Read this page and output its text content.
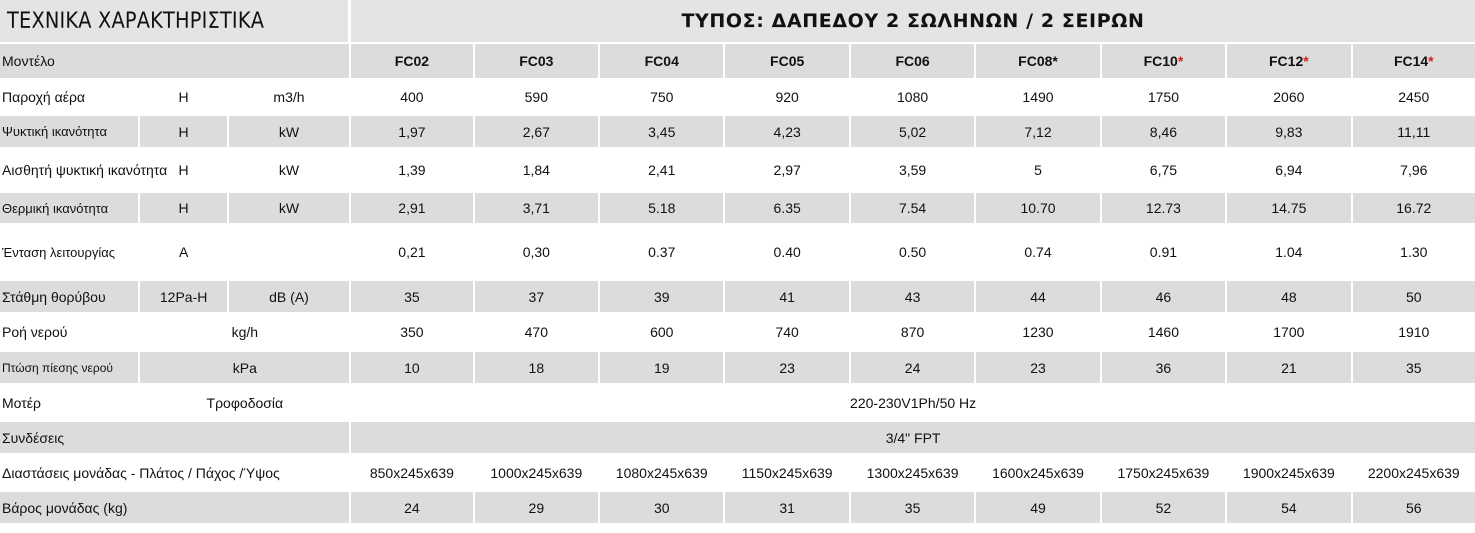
ΤΕΧΝΙΚΑ ΧΑΡΑΚΤΗΡΙΣΤΙΚΑ	ΤΥΠΟΣ: ΔΑΠΕΔΟΥ 2 ΣΩΛΗΝΩΝ / 2 ΣΕΙΡΩΝ
Μοντέλο			FC02	FC03	FC04	FC05	FC06	FC08*	FC10*	FC12*	FC14*
Παροχή αέρα	H	m3/h	400	590	750	920	1080	1490	1750	2060	2450
Ψυκτική ικανότητα	H	kW	1,97	2,67	3,45	4,23	5,02	7,12	8,46	9,83	11,11
Αισθητή ψυκτική ικανότητα	H	kW	1,39	1,84	2,41	2,97	3,59	5	6,75	6,94	7,96
Θερμική ικανότητα	H	kW	2,91	3,71	5.18	6.35	7.54	10.70	12.73	14.75	16.72
Ένταση λειτουργίας	A		0,21	0,30	0.37	0.40	0.50	0.74	0.91	1.04	1.30
Στάθμη θορύβου	12Pa-H	dB (A)	35	37	39	41	43	44	46	48	50
Ροή νερού	kg/h		350	470	600	740	870	1230	1460	1700	1910
Πτώση πίεσης νερού	kPa		10	18	19	23	24	23	36	21	35
Μοτέρ	Τροφοδοσία		220-230V1Ph/50 Hz								
Συνδέσεις			3/4" FPT								
Διαστάσεις μονάδας - Πλάτος / Πάχος /Ύψος			850x245x639	1000x245x639	1080x245x639	1150x245x639	1300x245x639	1600x245x639	1750x245x639	1900x245x639	2200x245x639
Βάρος μονάδας (kg)			24	29	30	31	35	49	52	54	56
